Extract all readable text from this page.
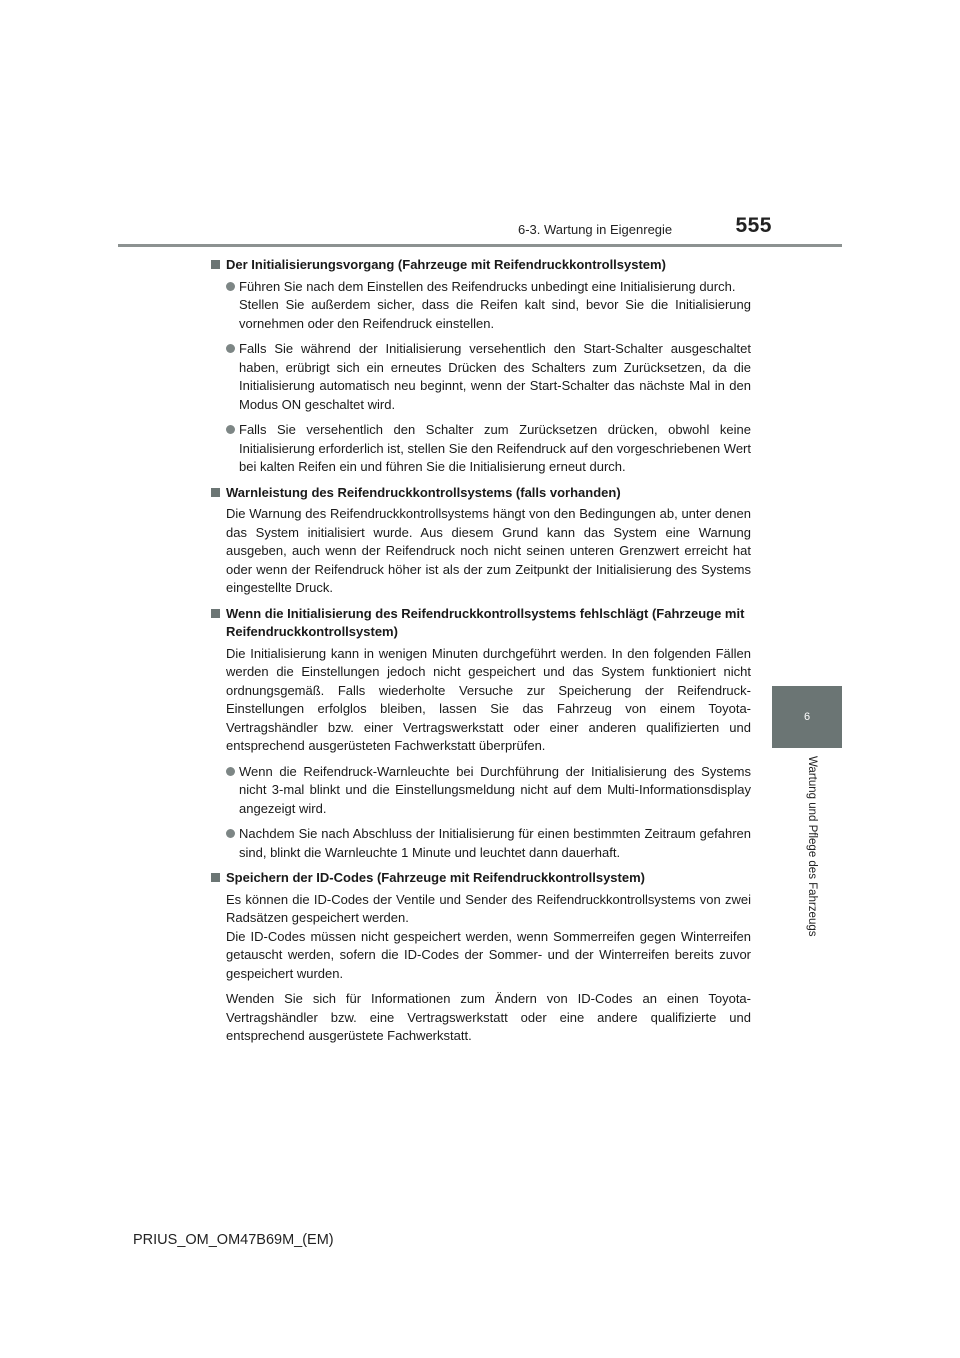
6-3. Wartung in Eigenregie	555
6
Wartung und Pflege des Fahrzeugs
Der Initialisierungsvorgang (Fahrzeuge mit Reifendruckkontrollsystem)
Führen Sie nach dem Einstellen des Reifendrucks unbedingt eine Initialisierung durch.
Stellen Sie außerdem sicher, dass die Reifen kalt sind, bevor Sie die Initialisierung vornehmen oder den Reifendruck einstellen.
Falls Sie während der Initialisierung versehentlich den Start-Schalter ausgeschaltet haben, erübrigt sich ein erneutes Drücken des Schalters zum Zurücksetzen, da die Initialisierung automatisch neu beginnt, wenn der Start-Schalter das nächste Mal in den Modus ON geschaltet wird.
Falls Sie versehentlich den Schalter zum Zurücksetzen drücken, obwohl keine Initialisierung erforderlich ist, stellen Sie den Reifendruck auf den vorgeschriebenen Wert bei kalten Reifen ein und führen Sie die Initialisierung erneut durch.
Warnleistung des Reifendruckkontrollsystems (falls vorhanden)
Die Warnung des Reifendruckkontrollsystems hängt von den Bedingungen ab, unter denen das System initialisiert wurde. Aus diesem Grund kann das System eine Warnung ausgeben, auch wenn der Reifendruck noch nicht seinen unteren Grenzwert erreicht hat oder wenn der Reifendruck höher ist als der zum Zeitpunkt der Initialisierung des Systems eingestellte Druck.
Wenn die Initialisierung des Reifendruckkontrollsystems fehlschlägt (Fahrzeuge mit Reifendruckkontrollsystem)
Die Initialisierung kann in wenigen Minuten durchgeführt werden. In den folgenden Fällen werden die Einstellungen jedoch nicht gespeichert und das System funktioniert nicht ordnungsgemäß. Falls wiederholte Versuche zur Speicherung der Reifendruck-Einstellungen erfolglos bleiben, lassen Sie das Fahrzeug von einem Toyota-Vertragshändler bzw. einer Vertragswerkstatt oder einer anderen qualifizierten und entsprechend ausgerüsteten Fachwerkstatt überprüfen.
Wenn die Reifendruck-Warnleuchte bei Durchführung der Initialisierung des Systems nicht 3-mal blinkt und die Einstellungsmeldung nicht auf dem Multi-Informationsdisplay angezeigt wird.
Nachdem Sie nach Abschluss der Initialisierung für einen bestimmten Zeitraum gefahren sind, blinkt die Warnleuchte 1 Minute und leuchtet dann dauerhaft.
Speichern der ID-Codes (Fahrzeuge mit Reifendruckkontrollsystem)
Es können die ID-Codes der Ventile und Sender des Reifendruckkontrollsystems von zwei Radsätzen gespeichert werden.
Die ID-Codes müssen nicht gespeichert werden, wenn Sommerreifen gegen Winterreifen getauscht werden, sofern die ID-Codes der Sommer- und der Winterreifen bereits zuvor gespeichert wurden.
Wenden Sie sich für Informationen zum Ändern von ID-Codes an einen Toyota-Vertragshändler bzw. eine Vertragswerkstatt oder eine andere qualifizierte und entsprechend ausgerüstete Fachwerkstatt.
PRIUS_OM_OM47B69M_(EM)
